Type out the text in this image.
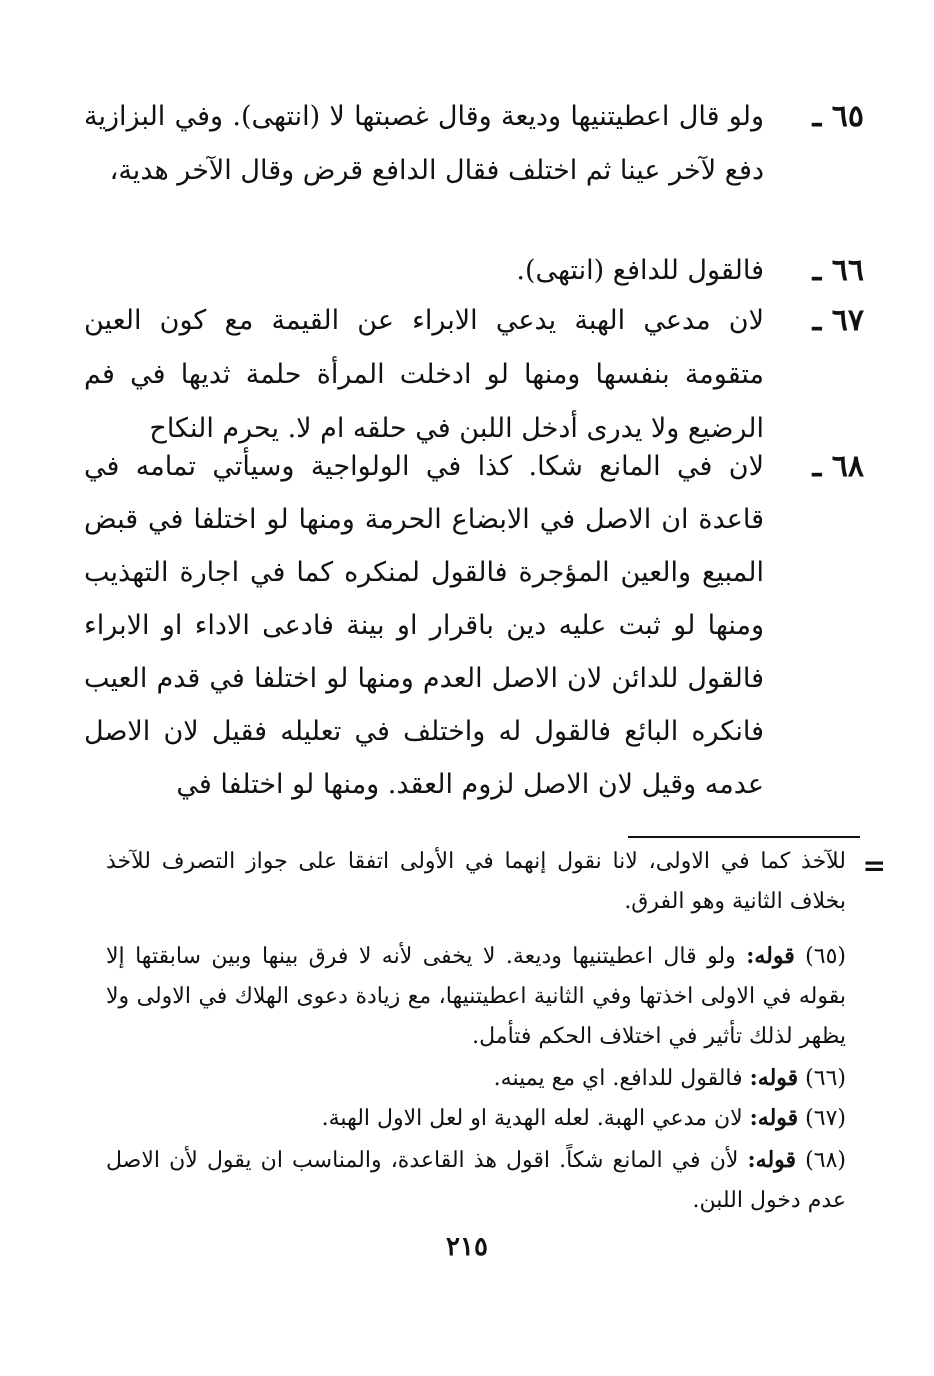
٦٥ ـ
ولو قال اعطيتنيها وديعة وقال غصبتها لا (انتهى). وفي البزازية دفع لآخر عينا ثم اختلف فقال الدافع قرض وقال الآخر هدية،
٦٦ ـ
فالقول للدافع (انتهى).
٦٧ ـ
لان مدعي الهبة يدعي الابراء عن القيمة مع كون العين متقومة بنفسها ومنها لو ادخلت المرأة حلمة ثديها في فم الرضيع ولا يدرى أدخل اللبن في حلقه ام لا. يحرم النكاح
٦٨ ـ
لان في المانع شكا. كذا في الولواجية وسيأتي تمامه في قاعدة ان الاصل في الابضاع الحرمة ومنها لو اختلفا في قبض المبيع والعين المؤجرة فالقول لمنكره كما في اجارة التهذيب ومنها لو ثبت عليه دين باقرار او بينة فادعى الاداء او الابراء فالقول للدائن لان الاصل العدم ومنها لو اختلفا في قدم العيب فانكره البائع فالقول له واختلف في تعليله فقيل لان الاصل عدمه وقيل لان الاصل لزوم العقد. ومنها لو اختلفا في
=
للآخذ كما في الاولى، لانا نقول إنهما في الأولى اتفقا على جواز التصرف للآخذ بخلاف الثانية وهو الفرق.
(٦٥) قوله: ولو قال اعطيتنيها وديعة. لا يخفى لأنه لا فرق بينها وبين سابقتها إلا بقوله في الاولى اخذتها وفي الثانية اعطيتنيها، مع زيادة دعوى الهلاك في الاولى ولا يظهر لذلك تأثير في اختلاف الحكم فتأمل.
(٦٦) قوله: فالقول للدافع. اي مع يمينه.
(٦٧) قوله: لان مدعي الهبة. لعله الهدية او لعل الاول الهبة.
(٦٨) قوله: لأن في المانع شكاً. اقول هذ القاعدة، والمناسب ان يقول لأن الاصل عدم دخول اللبن.
٢١٥
